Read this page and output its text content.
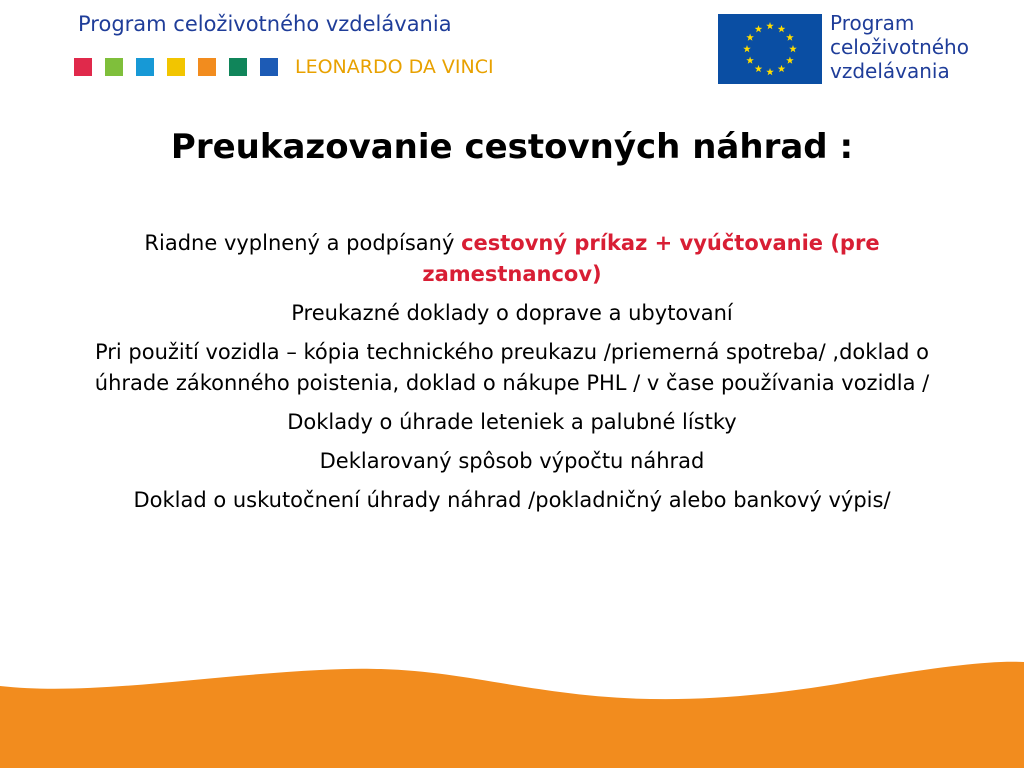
Program celoživotného vzdelávania

LEONARDO DA VINCI
Program
celoživotného
vzdelávania
Preukazovanie cestovných náhrad :

Riadne vyplnený a podpísaný cestovný príkaz + vyúčtovanie (pre zamestnancov)

Preukazné doklady o doprave a ubytovaní

Pri použití vozidla – kópia technického preukazu /priemerná spotreba/ ,doklad o úhrade zákonného poistenia, doklad o nákupe PHL / v čase používania vozidla /

Doklady o úhrade leteniek a palubné lístky

Deklarovaný spôsob výpočtu náhrad

Doklad o uskutočnení úhrady náhrad /pokladničný alebo bankový výpis/
